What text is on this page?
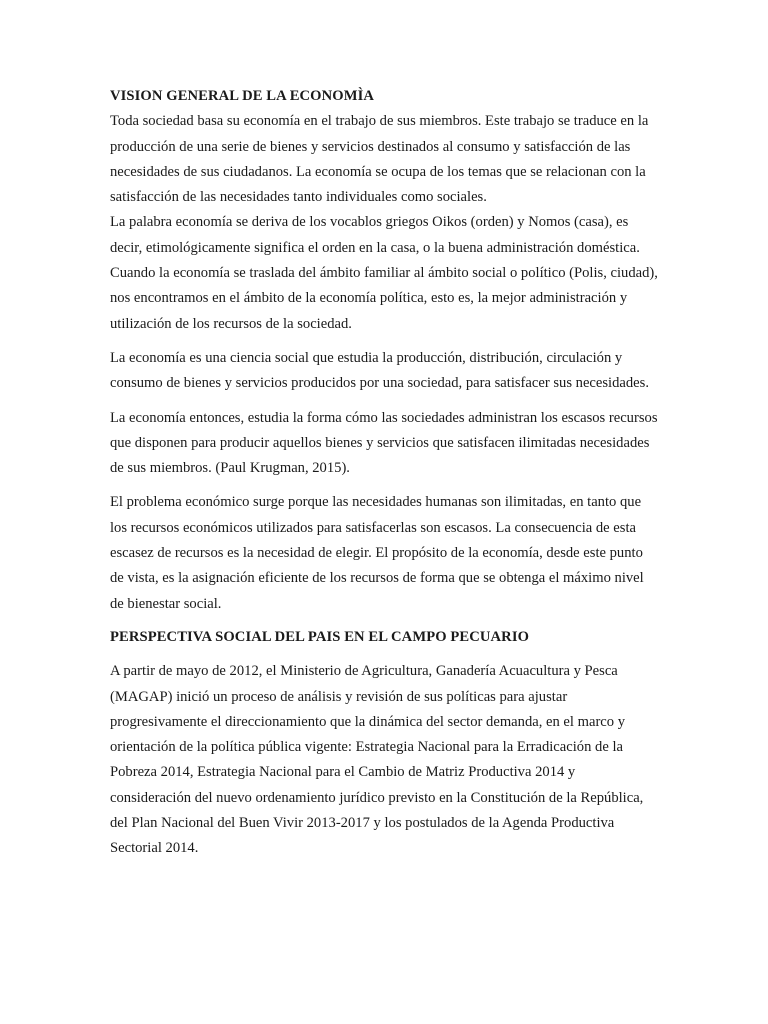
VISION GENERAL DE LA ECONOMÌA

Toda sociedad basa su economía en el trabajo de sus miembros. Este trabajo se traduce en la producción de una serie de bienes y servicios destinados al consumo y satisfacción de las necesidades de sus ciudadanos. La economía se ocupa de los temas que se relacionan con la satisfacción de las necesidades tanto individuales como sociales.

La palabra economía se deriva de los vocablos griegos Oikos (orden) y Nomos (casa), es decir, etimológicamente significa el orden en la casa, o la buena administración doméstica.

Cuando la economía se traslada del ámbito familiar al ámbito social o político (Polis, ciudad), nos encontramos en el ámbito de la economía política, esto es, la mejor administración y utilización de los recursos de la sociedad.

La economía es una ciencia social que estudia la producción, distribución, circulación y consumo de bienes y servicios producidos por una sociedad, para satisfacer sus necesidades.

La economía entonces, estudia la forma cómo las sociedades administran los escasos recursos que disponen para producir aquellos bienes y servicios que satisfacen ilimitadas necesidades de sus miembros. (Paul Krugman, 2015).

El problema económico surge porque las necesidades humanas son ilimitadas, en tanto que los recursos económicos utilizados para satisfacerlas son escasos. La consecuencia de esta escasez de recursos es la necesidad de elegir. El propósito de la economía, desde este punto de vista, es la asignación eficiente de los recursos de forma que se obtenga el máximo nivel de bienestar social.

PERSPECTIVA SOCIAL DEL PAIS EN EL CAMPO PECUARIO

A partir de mayo de 2012, el Ministerio de Agricultura, Ganadería Acuacultura y Pesca (MAGAP) inició un proceso de análisis y revisión de sus políticas para ajustar progresivamente el direccionamiento que la dinámica del sector demanda, en el marco y orientación de la política pública vigente: Estrategia Nacional para la Erradicación de la Pobreza 2014, Estrategia Nacional para el Cambio de Matriz Productiva 2014 y consideración del nuevo ordenamiento jurídico previsto en la Constitución de la República, del Plan Nacional del Buen Vivir 2013-2017 y los postulados de la Agenda Productiva Sectorial 2014.
